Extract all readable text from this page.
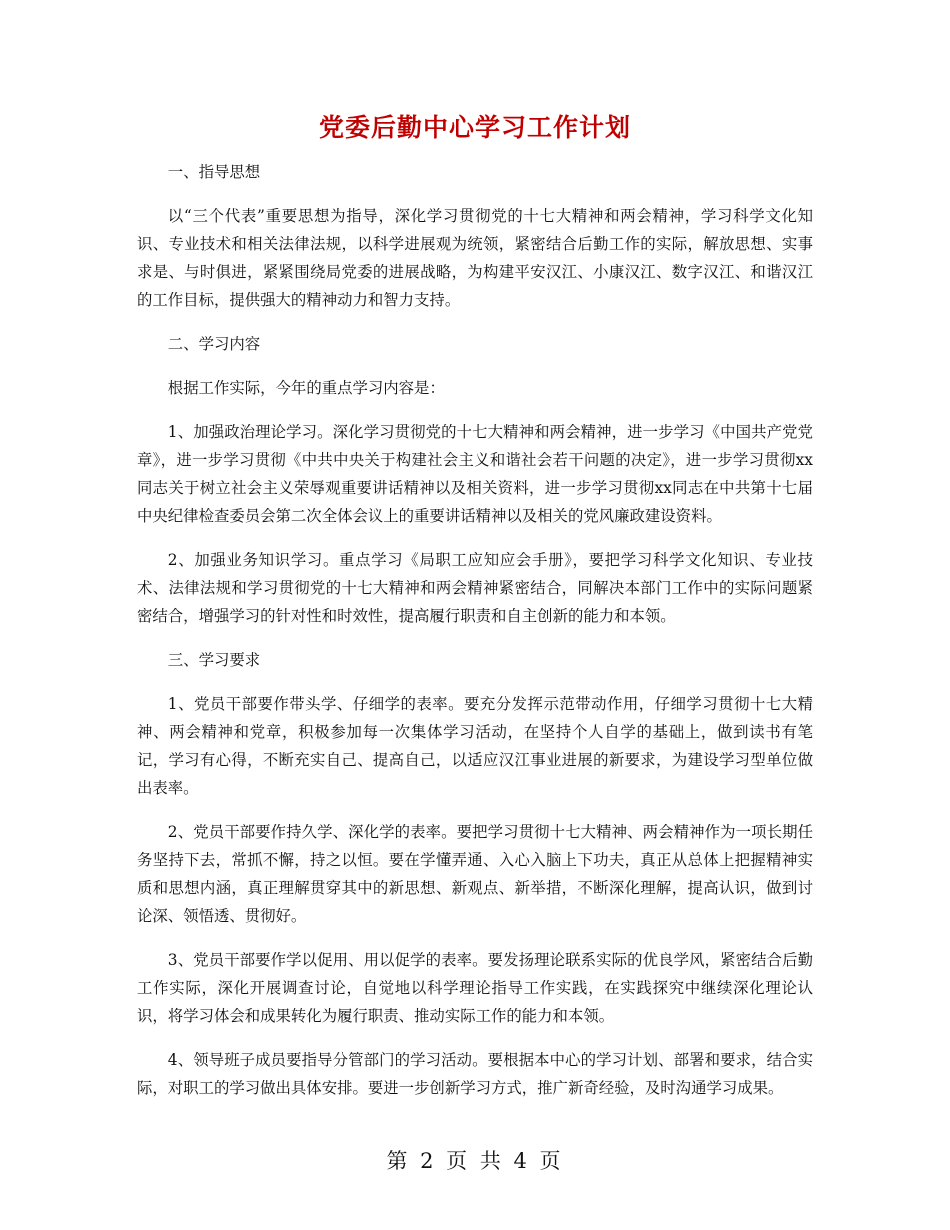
党委后勤中心学习工作计划
一、指导思想
以“三个代表”重要思想为指导，深化学习贯彻党的十七大精神和两会精神，学习科学文化知识、专业技术和相关法律法规，以科学进展观为统领，紧密结合后勤工作的实际，解放思想、实事求是、与时俱进，紧紧围绕局党委的进展战略，为构建平安汉江、小康汉江、数字汉江、和谐汉江的工作目标，提供强大的精神动力和智力支持。
二、学习内容
根据工作实际，今年的重点学习内容是：
1、加强政治理论学习。深化学习贯彻党的十七大精神和两会精神，进一步学习《中国共产党党章》，进一步学习贯彻《中共中央关于构建社会主义和谐社会若干问题的决定》，进一步学习贯彻xx同志关于树立社会主义荣辱观重要讲话精神以及相关资料，进一步学习贯彻xx同志在中共第十七届中央纪律检查委员会第二次全体会议上的重要讲话精神以及相关的党风廉政建设资料。
2、加强业务知识学习。重点学习《局职工应知应会手册》，要把学习科学文化知识、专业技术、法律法规和学习贯彻党的十七大精神和两会精神紧密结合，同解决本部门工作中的实际问题紧密结合，增强学习的针对性和时效性，提高履行职责和自主创新的能力和本领。
三、学习要求
1、党员干部要作带头学、仔细学的表率。要充分发挥示范带动作用，仔细学习贯彻十七大精神、两会精神和党章，积极参加每一次集体学习活动，在坚持个人自学的基础上，做到读书有笔记，学习有心得，不断充实自己、提高自己，以适应汉江事业进展的新要求，为建设学习型单位做出表率。
2、党员干部要作持久学、深化学的表率。要把学习贯彻十七大精神、两会精神作为一项长期任务坚持下去，常抓不懈，持之以恒。要在学懂弄通、入心入脑上下功夫，真正从总体上把握精神实质和思想内涵，真正理解贯穿其中的新思想、新观点、新举措，不断深化理解，提高认识，做到讨论深、领悟透、贯彻好。
3、党员干部要作学以促用、用以促学的表率。要发扬理论联系实际的优良学风，紧密结合后勤工作实际，深化开展调查讨论，自觉地以科学理论指导工作实践，在实践探究中继续深化理论认识，将学习体会和成果转化为履行职责、推动实际工作的能力和本领。
4、领导班子成员要指导分管部门的学习活动。要根据本中心的学习计划、部署和要求，结合实际，对职工的学习做出具体安排。要进一步创新学习方式，推广新奇经验，及时沟通学习成果。
第 2 页 共 4 页
